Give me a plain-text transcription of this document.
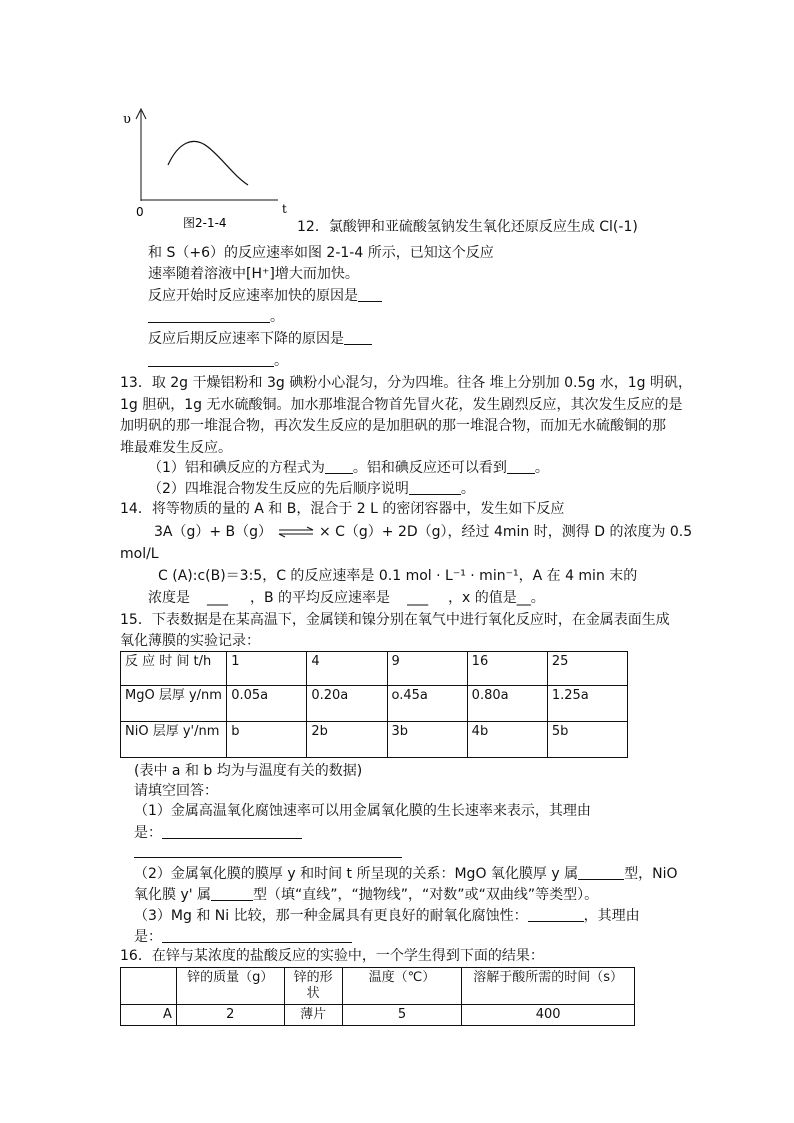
υ
0	t
图2-1-4	12．氯酸钾和亚硫酸氢钠发生氧化还原反应生成 Cl(-1)
和 S（+6）的反应速率如图 2-1-4 所示，已知这个反应
速率随着溶液中[H⁺]增大而加快。
反应开始时反应速率加快的原因是
。
反应后期反应速率下降的原因是
。
13．取 2g 干燥铝粉和 3g 碘粉小心混匀，分为四堆。往各 堆上分别加 0.5g 水，1g 明矾，
1g 胆矾，1g 无水硫酸铜。加水那堆混合物首先冒火花，发生剧烈反应，其次发生反应的是
加明矾的那一堆混合物，再次发生反应的是加胆矾的那一堆混合物，而加无水硫酸铜的那
堆最难发生反应。
（1）铝和碘反应的方程式为 。铝和碘反应还可以看到 。
（2）四堆混合物发生反应的先后顺序说明	。
14．将等物质的量的 A 和 B，混合于 2 L 的密闭容器中，发生如下反应
3A（g）+ B（g） ⇌ × C（g）+ 2D（g），经过 4min 时，测得 D 的浓度为 0.5
mol/L
C (A):c(B)＝3:5，C 的反应速率是 0.1 mol · L⁻¹ · min⁻¹，A 在 4 min 末的
浓度是 ___ ，B 的平均反应速率是 ___ ，x 的值是__。
15．下表数据是在某高温下，金属镁和镍分别在氧气中进行氧化反应时，在金属表面生成
氧化薄膜的实验记录：
反 应 时 间 t/h	1	4	9	16	25
MgO 层厚 y/nm	0.05a	0.20a	o.45a	0.80a	1.25a
NiO 层厚 y'/nm	b	2b	3b	4b	5b
(表中 a 和 b 均为与温度有关的数据)
请填空回答：
（1）金属高温氧化腐蚀速率可以用金属氧化膜的生长速率来表示，其理由
是：
（2）金属氧化膜的膜厚 y 和时间 t 所呈现的关系：MgO 氧化膜厚 y 属	型，NiO
氧化膜 y' 属	型（填“直线”，“抛物线”，“对数”或“双曲线”等类型）。
（3）Mg 和 Ni 比较，那一种金属具有更良好的耐氧化腐蚀性：	，其理由
是：
16．在锌与某浓度的盐酸反应的实验中，一个学生得到下面的结果：
	锌的质量（g）	锌的形状	温度（℃）	溶解于酸所需的时间（s）
A	2	薄片	5	400
